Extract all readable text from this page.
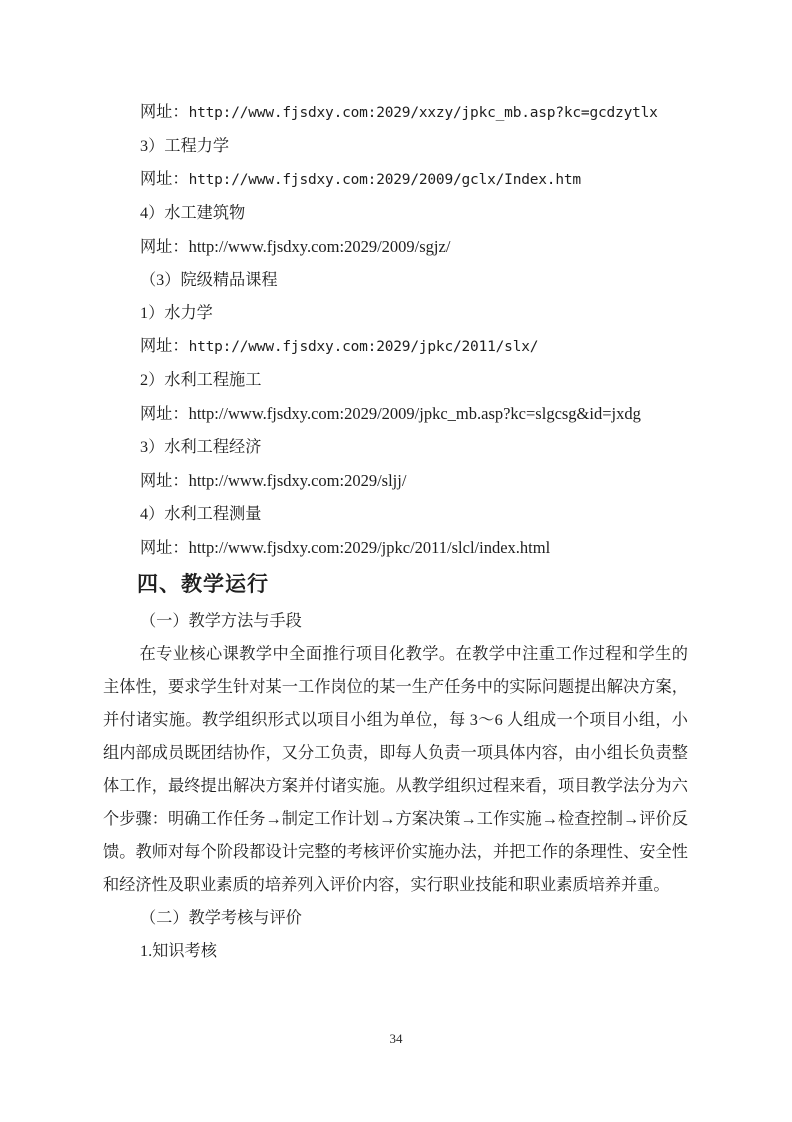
网址：http://www.fjsdxy.com:2029/xxzy/jpkc_mb.asp?kc=gcdzytlx

3）工程力学

网址：http://www.fjsdxy.com:2029/2009/gclx/Index.htm

4）水工建筑物

网址：http://www.fjsdxy.com:2029/2009/sgjz/

（3）院级精品课程

1）水力学

网址：http://www.fjsdxy.com:2029/jpkc/2011/slx/

2）水利工程施工

网址：http://www.fjsdxy.com:2029/2009/jpkc_mb.asp?kc=slgcsg&id=jxdg

3）水利工程经济

网址：http://www.fjsdxy.com:2029/sljj/

4）水利工程测量

网址：http://www.fjsdxy.com:2029/jpkc/2011/slcl/index.html

四、教学运行

（一）教学方法与手段

在专业核心课教学中全面推行项目化教学。在教学中注重工作过程和学生的主体性，要求学生针对某一工作岗位的某一生产任务中的实际问题提出解决方案，并付诸实施。教学组织形式以项目小组为单位，每 3～6 人组成一个项目小组，小组内部成员既团结协作，又分工负责，即每人负责一项具体内容，由小组长负责整体工作，最终提出解决方案并付诸实施。从教学组织过程来看，项目教学法分为六个步骤：明确工作任务→制定工作计划→方案决策→工作实施→检查控制→评价反馈。教师对每个阶段都设计完整的考核评价实施办法，并把工作的条理性、安全性和经济性及职业素质的培养列入评价内容，实行职业技能和职业素质培养并重。

（二）教学考核与评价

1.知识考核

34
